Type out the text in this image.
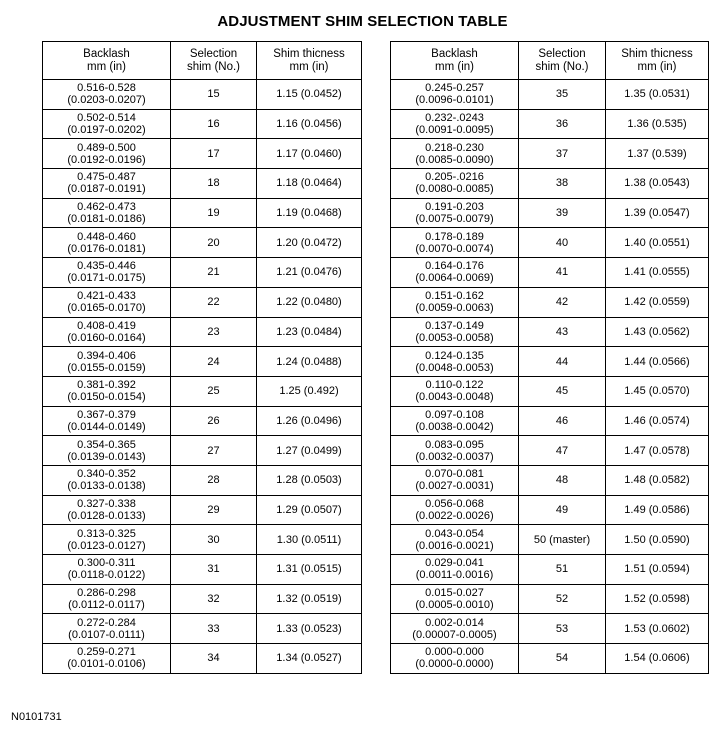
ADJUSTMENT SHIM SELECTION TABLE
Backlash
mm (in)	Selection
shim (No.)	Shim thicness
mm (in)

0.516-0.528
(0.0203-0.0207)	15	1.15 (0.0452)

0.502-0.514
(0.0197-0.0202)	16	1.16 (0.0456)

0.489-0.500
(0.0192-0.0196)	17	1.17 (0.0460)

0.475-0.487
(0.0187-0.0191)	18	1.18 (0.0464)

0.462-0.473
(0.0181-0.0186)	19	1.19 (0.0468)

0.448-0.460
(0.0176-0.0181)	20	1.20 (0.0472)

0.435-0.446
(0.0171-0.0175)	21	1.21 (0.0476)

0.421-0.433
(0.0165-0.0170)	22	1.22 (0.0480)

0.408-0.419
(0.0160-0.0164)	23	1.23 (0.0484)

0.394-0.406
(0.0155-0.0159)	24	1.24 (0.0488)

0.381-0.392
(0.0150-0.0154)	25	1.25 (0.492)

0.367-0.379
(0.0144-0.0149)	26	1.26 (0.0496)

0.354-0.365
(0.0139-0.0143)	27	1.27 (0.0499)

0.340-0.352
(0.0133-0.0138)	28	1.28 (0.0503)

0.327-0.338
(0.0128-0.0133)	29	1.29 (0.0507)

0.313-0.325
(0.0123-0.0127)	30	1.30 (0.0511)

0.300-0.311
(0.0118-0.0122)	31	1.31 (0.0515)

0.286-0.298
(0.0112-0.0117)	32	1.32 (0.0519)

0.272-0.284
(0.0107-0.0111)	33	1.33 (0.0523)

0.259-0.271
(0.0101-0.0106)	34	1.34 (0.0527)
Backlash
mm (in)	Selection
shim (No.)	Shim thicness
mm (in)

0.245-0.257
(0.0096-0.0101)	35	1.35 (0.0531)

0.232-.0243
(0.0091-0.0095)	36	1.36 (0.535)

0.218-0.230
(0.0085-0.0090)	37	1.37 (0.539)

0.205-.0216
(0.0080-0.0085)	38	1.38 (0.0543)

0.191-0.203
(0.0075-0.0079)	39	1.39 (0.0547)

0.178-0.189
(0.0070-0.0074)	40	1.40 (0.0551)

0.164-0.176
(0.0064-0.0069)	41	1.41 (0.0555)

0.151-0.162
(0.0059-0.0063)	42	1.42 (0.0559)

0.137-0.149
(0.0053-0.0058)	43	1.43 (0.0562)

0.124-0.135
(0.0048-0.0053)	44	1.44 (0.0566)

0.110-0.122
(0.0043-0.0048)	45	1.45 (0.0570)

0.097-0.108
(0.0038-0.0042)	46	1.46 (0.0574)

0.083-0.095
(0.0032-0.0037)	47	1.47 (0.0578)

0.070-0.081
(0.0027-0.0031)	48	1.48 (0.0582)

0.056-0.068
(0.0022-0.0026)	49	1.49 (0.0586)

0.043-0.054
(0.0016-0.0021)	50 (master)	1.50 (0.0590)

0.029-0.041
(0.0011-0.0016)	51	1.51 (0.0594)

0.015-0.027
(0.0005-0.0010)	52	1.52 (0.0598)

0.002-0.014
(0.00007-0.0005)	53	1.53 (0.0602)

0.000-0.000
(0.0000-0.0000)	54	1.54 (0.0606)
N0101731
